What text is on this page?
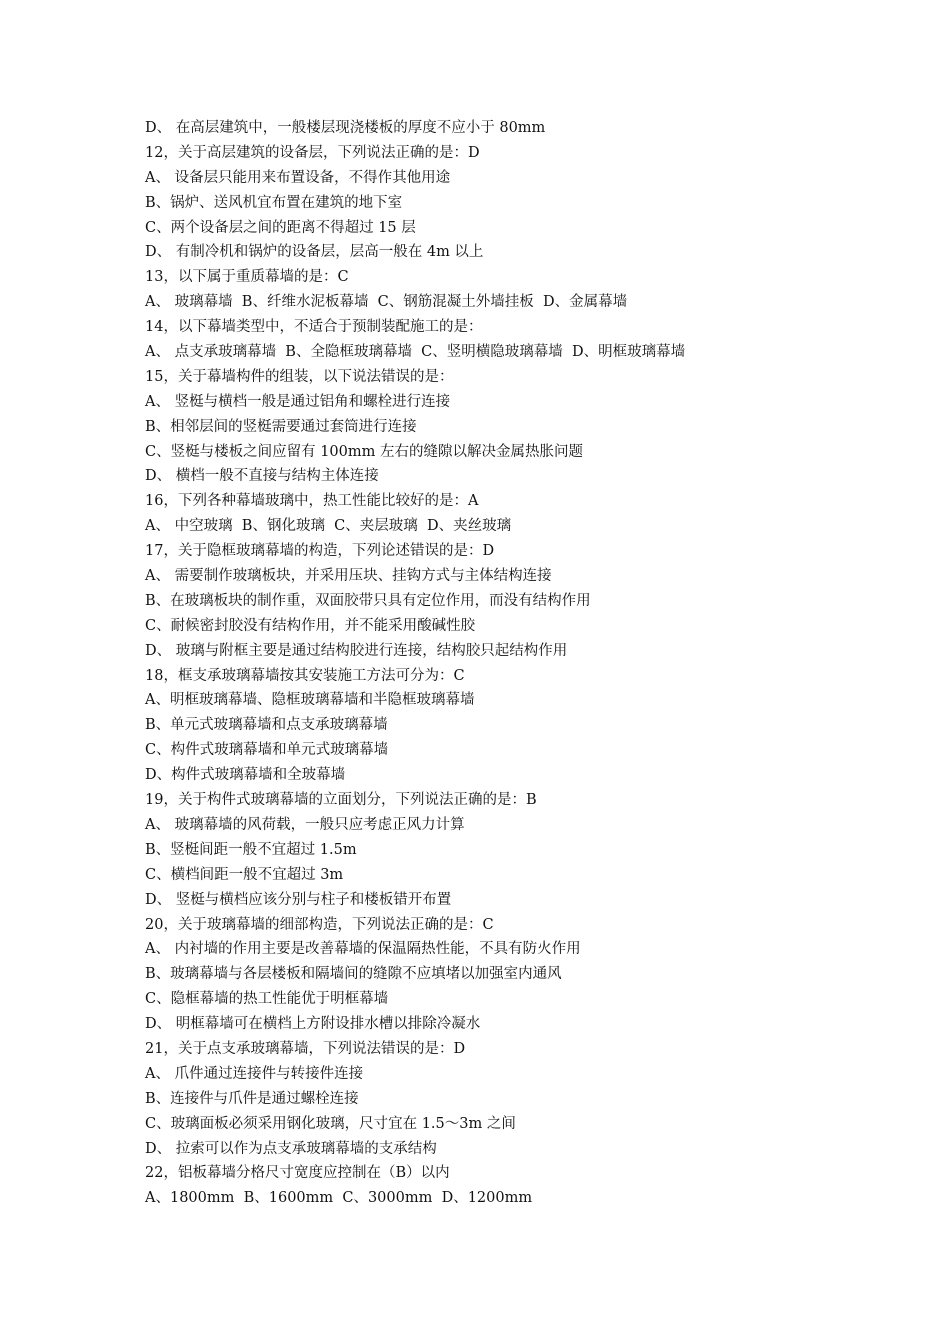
D、 在高层建筑中，一般楼层现浇楼板的厚度不应小于 80mm
12，关于高层建筑的设备层，下列说法正确的是：D
A、 设备层只能用来布置设备，不得作其他用途
B、锅炉、送风机宜布置在建筑的地下室
C、两个设备层之间的距离不得超过 15 层
D、 有制冷机和锅炉的设备层，层高一般在 4m 以上
13，以下属于重质幕墙的是：C
A、 玻璃幕墙  B、纤维水泥板幕墙  C、钢筋混凝土外墙挂板  D、金属幕墙
14，以下幕墙类型中，不适合于预制装配施工的是：
A、 点支承玻璃幕墙  B、全隐框玻璃幕墙  C、竖明横隐玻璃幕墙  D、明框玻璃幕墙
15，关于幕墙构件的组装，以下说法错误的是：
A、 竖梃与横档一般是通过铝角和螺栓进行连接
B、相邻层间的竖梃需要通过套筒进行连接
C、竖梃与楼板之间应留有 100mm 左右的缝隙以解决金属热胀问题
D、 横档一般不直接与结构主体连接
16，下列各种幕墙玻璃中，热工性能比较好的是：A
A、 中空玻璃  B、钢化玻璃  C、夹层玻璃  D、夹丝玻璃
17，关于隐框玻璃幕墙的构造，下列论述错误的是：D
A、 需要制作玻璃板块，并采用压块、挂钩方式与主体结构连接
B、在玻璃板块的制作重，双面胶带只具有定位作用，而没有结构作用
C、耐候密封胶没有结构作用，并不能采用酸碱性胶
D、 玻璃与附框主要是通过结构胶进行连接，结构胶只起结构作用
18，框支承玻璃幕墙按其安装施工方法可分为：C
A、明框玻璃幕墙、隐框玻璃幕墙和半隐框玻璃幕墙
B、单元式玻璃幕墙和点支承玻璃幕墙
C、构件式玻璃幕墙和单元式玻璃幕墙
D、构件式玻璃幕墙和全玻幕墙
19，关于构件式玻璃幕墙的立面划分，下列说法正确的是：B
A、 玻璃幕墙的风荷载，一般只应考虑正风力计算
B、竖梃间距一般不宜超过 1.5m
C、横档间距一般不宜超过 3m
D、 竖梃与横档应该分别与柱子和楼板错开布置
20，关于玻璃幕墙的细部构造，下列说法正确的是：C
A、 内衬墙的作用主要是改善幕墙的保温隔热性能，不具有防火作用
B、玻璃幕墙与各层楼板和隔墙间的缝隙不应填堵以加强室内通风
C、隐框幕墙的热工性能优于明框幕墙
D、 明框幕墙可在横档上方附设排水槽以排除冷凝水
21，关于点支承玻璃幕墙，下列说法错误的是：D
A、 爪件通过连接件与转接件连接
B、连接件与爪件是通过螺栓连接
C、玻璃面板必须采用钢化玻璃，尺寸宜在 1.5～3m 之间
D、 拉索可以作为点支承玻璃幕墙的支承结构
22，铝板幕墙分格尺寸宽度应控制在（B）以内
A、1800mm  B、1600mm  C、3000mm  D、1200mm
